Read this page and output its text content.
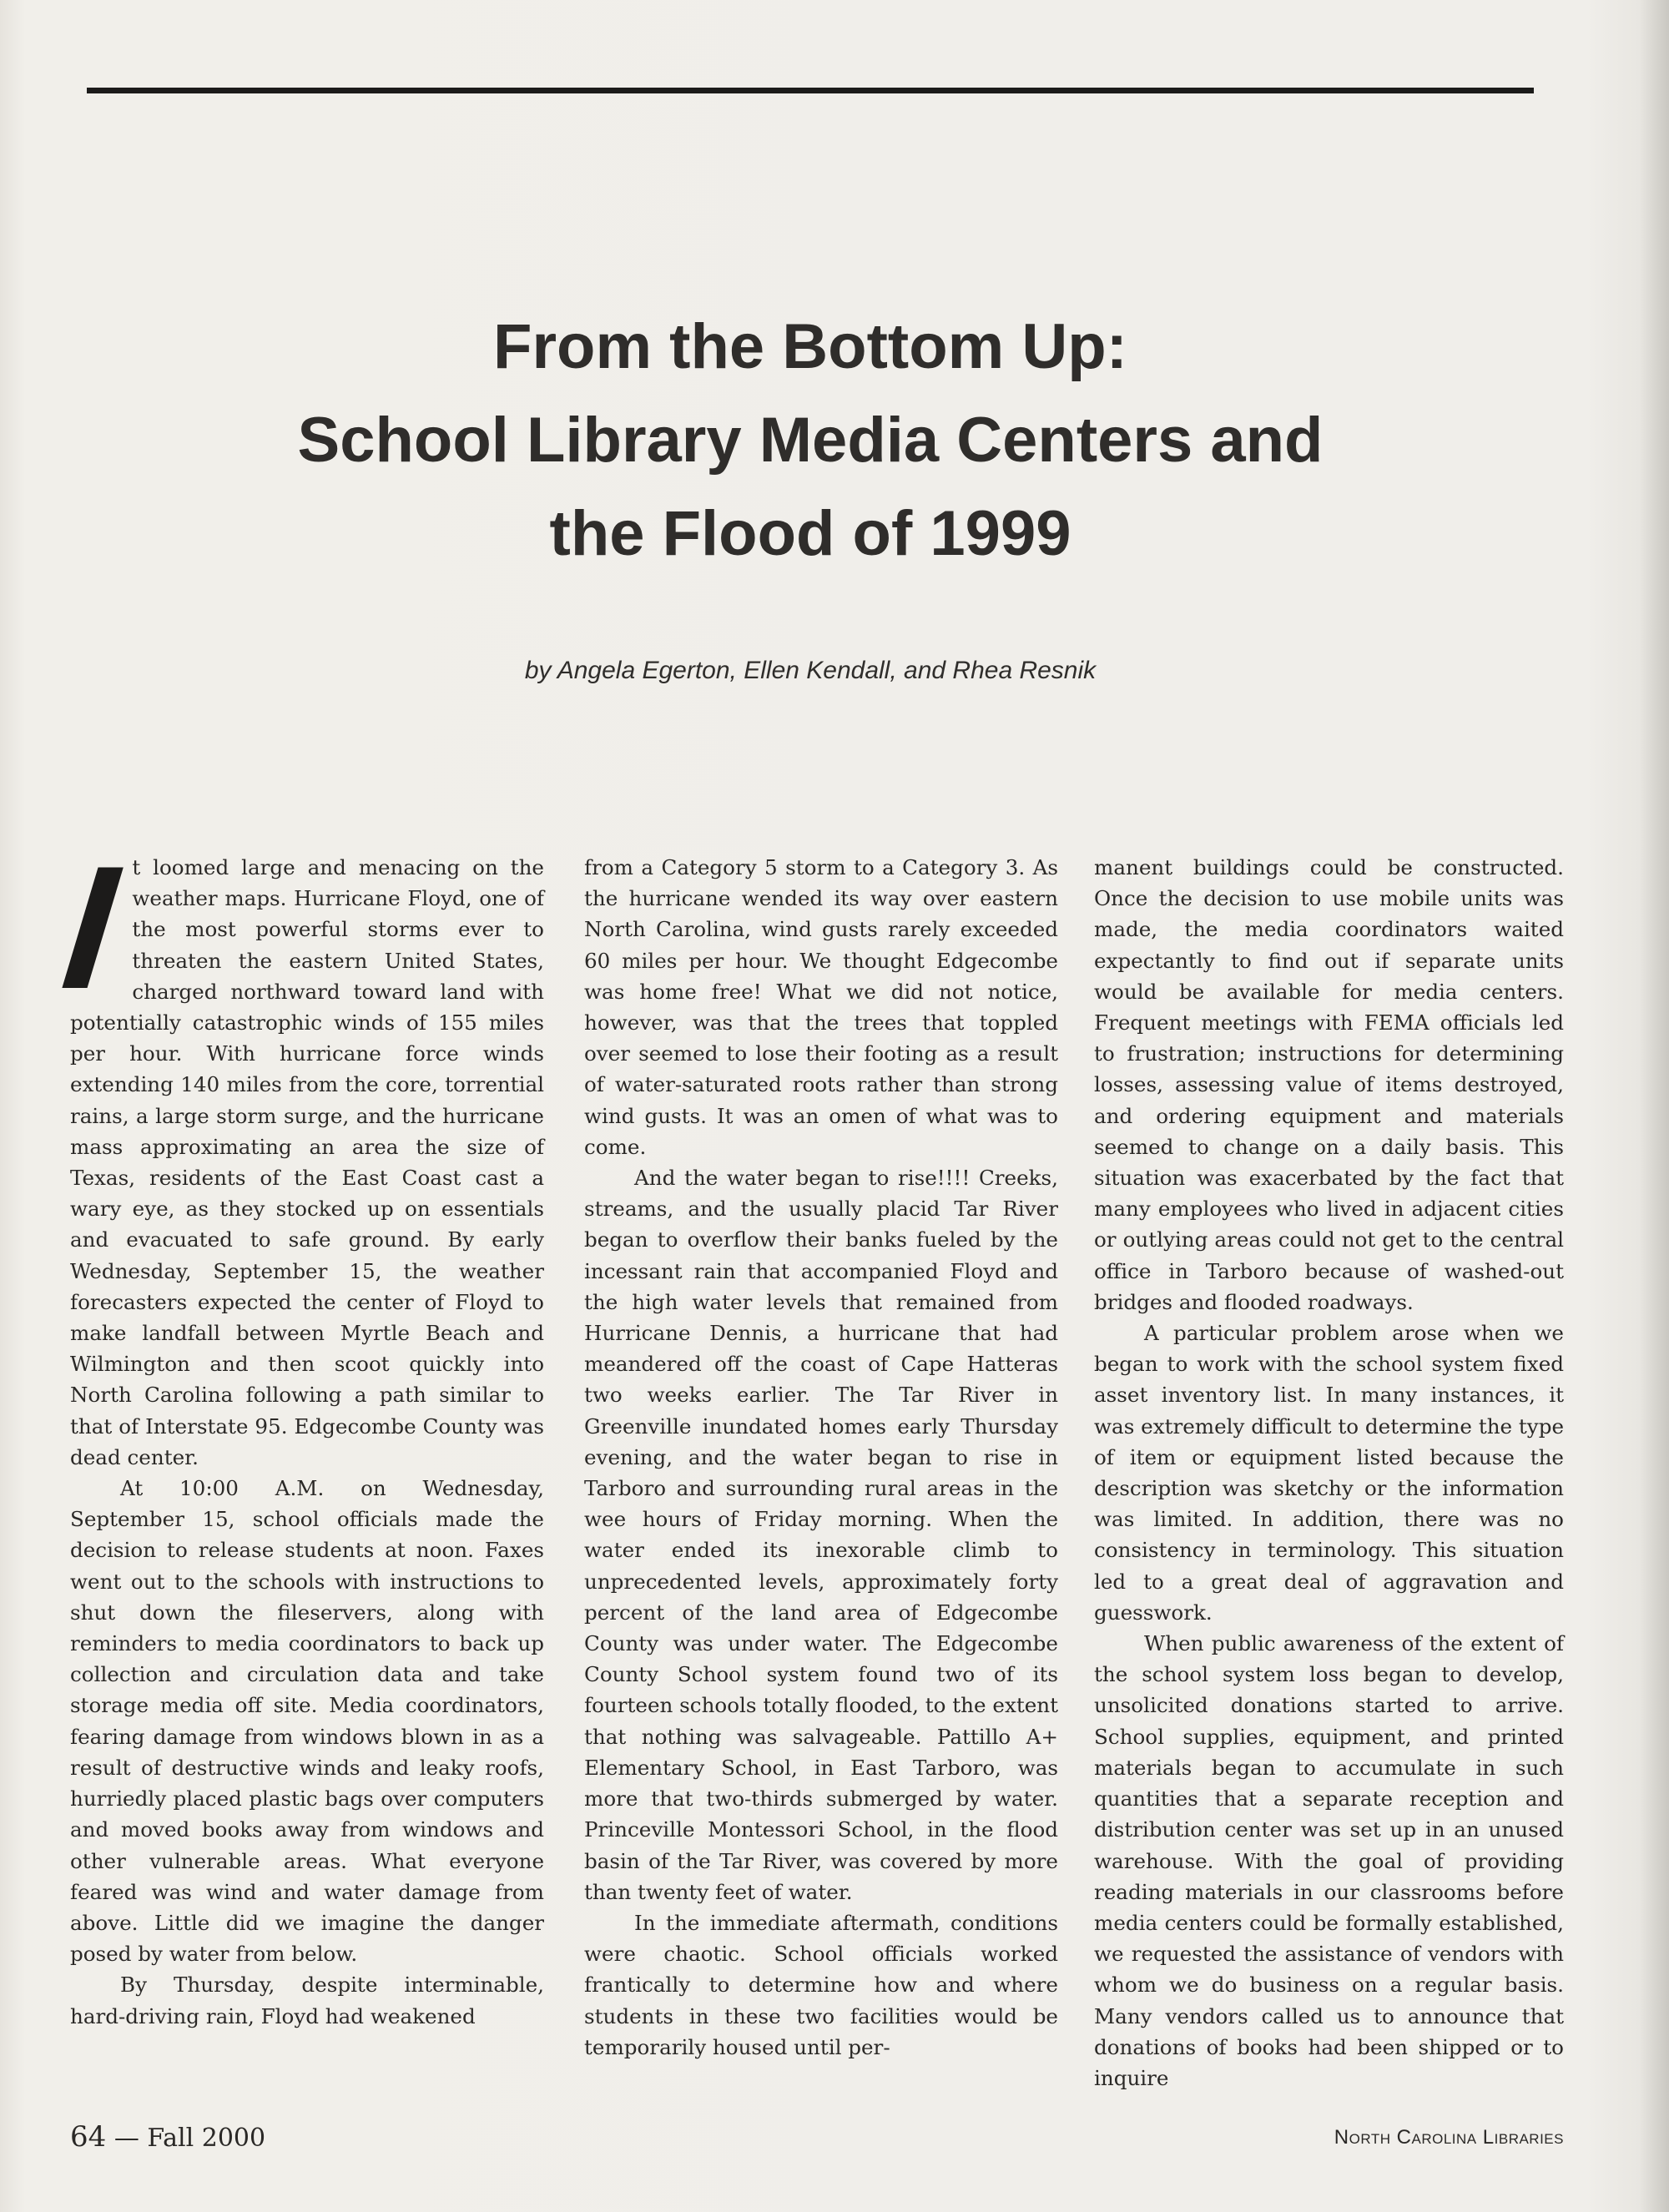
From the Bottom Up:
School Library Media Centers and
the Flood of 1999
by Angela Egerton, Ellen Kendall, and Rhea Resnik
I t loomed large and menacing on the weather maps. Hurricane Floyd, one of the most powerful storms ever to threaten the eastern United States, charged northward toward land with potentially catastrophic winds of 155 miles per hour. With hurricane force winds extending 140 miles from the core, torrential rains, a large storm surge, and the hurricane mass approximating an area the size of Texas, residents of the East Coast cast a wary eye, as they stocked up on essentials and evacuated to safe ground. By early Wednesday, September 15, the weather forecasters expected the center of Floyd to make landfall between Myrtle Beach and Wilmington and then scoot quickly into North Carolina following a path similar to that of Interstate 95. Edgecombe County was dead center.

At 10:00 A.M. on Wednesday, September 15, school officials made the decision to release students at noon. Faxes went out to the schools with instructions to shut down the fileservers, along with reminders to media coordinators to back up collection and circulation data and take storage media off site. Media coordinators, fearing damage from windows blown in as a result of destructive winds and leaky roofs, hurriedly placed plastic bags over computers and moved books away from windows and other vulnerable areas. What everyone feared was wind and water damage from above. Little did we imagine the danger posed by water from below.

By Thursday, despite interminable, hard-driving rain, Floyd had weakened

from a Category 5 storm to a Category 3. As the hurricane wended its way over eastern North Carolina, wind gusts rarely exceeded 60 miles per hour. We thought Edgecombe was home free! What we did not notice, however, was that the trees that toppled over seemed to lose their footing as a result of water-saturated roots rather than strong wind gusts. It was an omen of what was to come.

And the water began to rise!!!! Creeks, streams, and the usually placid Tar River began to overflow their banks fueled by the incessant rain that accompanied Floyd and the high water levels that remained from Hurricane Dennis, a hurricane that had meandered off the coast of Cape Hatteras two weeks earlier. The Tar River in Greenville inundated homes early Thursday evening, and the water began to rise in Tarboro and surrounding rural areas in the wee hours of Friday morning. When the water ended its inexorable climb to unprecedented levels, approximately forty percent of the land area of Edgecombe County was under water. The Edgecombe County School system found two of its fourteen schools totally flooded, to the extent that nothing was salvageable. Pattillo A+ Elementary School, in East Tarboro, was more that two-thirds submerged by water. Princeville Montessori School, in the flood basin of the Tar River, was covered by more than twenty feet of water.

In the immediate aftermath, conditions were chaotic. School officials worked frantically to determine how and where students in these two facilities would be temporarily housed until per-

manent buildings could be constructed. Once the decision to use mobile units was made, the media coordinators waited expectantly to find out if separate units would be available for media centers. Frequent meetings with FEMA officials led to frustration; instructions for determining losses, assessing value of items destroyed, and ordering equipment and materials seemed to change on a daily basis. This situation was exacerbated by the fact that many employees who lived in adjacent cities or outlying areas could not get to the central office in Tarboro because of washed-out bridges and flooded roadways.

A particular problem arose when we began to work with the school system fixed asset inventory list. In many instances, it was extremely difficult to determine the type of item or equipment listed because the description was sketchy or the information was limited. In addition, there was no consistency in terminology. This situation led to a great deal of aggravation and guesswork.

When public awareness of the extent of the school system loss began to develop, unsolicited donations started to arrive. School supplies, equipment, and printed materials began to accumulate in such quantities that a separate reception and distribution center was set up in an unused warehouse. With the goal of providing reading materials in our classrooms before media centers could be formally established, we requested the assistance of vendors with whom we do business on a regular basis. Many vendors called us to announce that donations of books had been shipped or to inquire

64 — Fall 2000	North Carolina Libraries
